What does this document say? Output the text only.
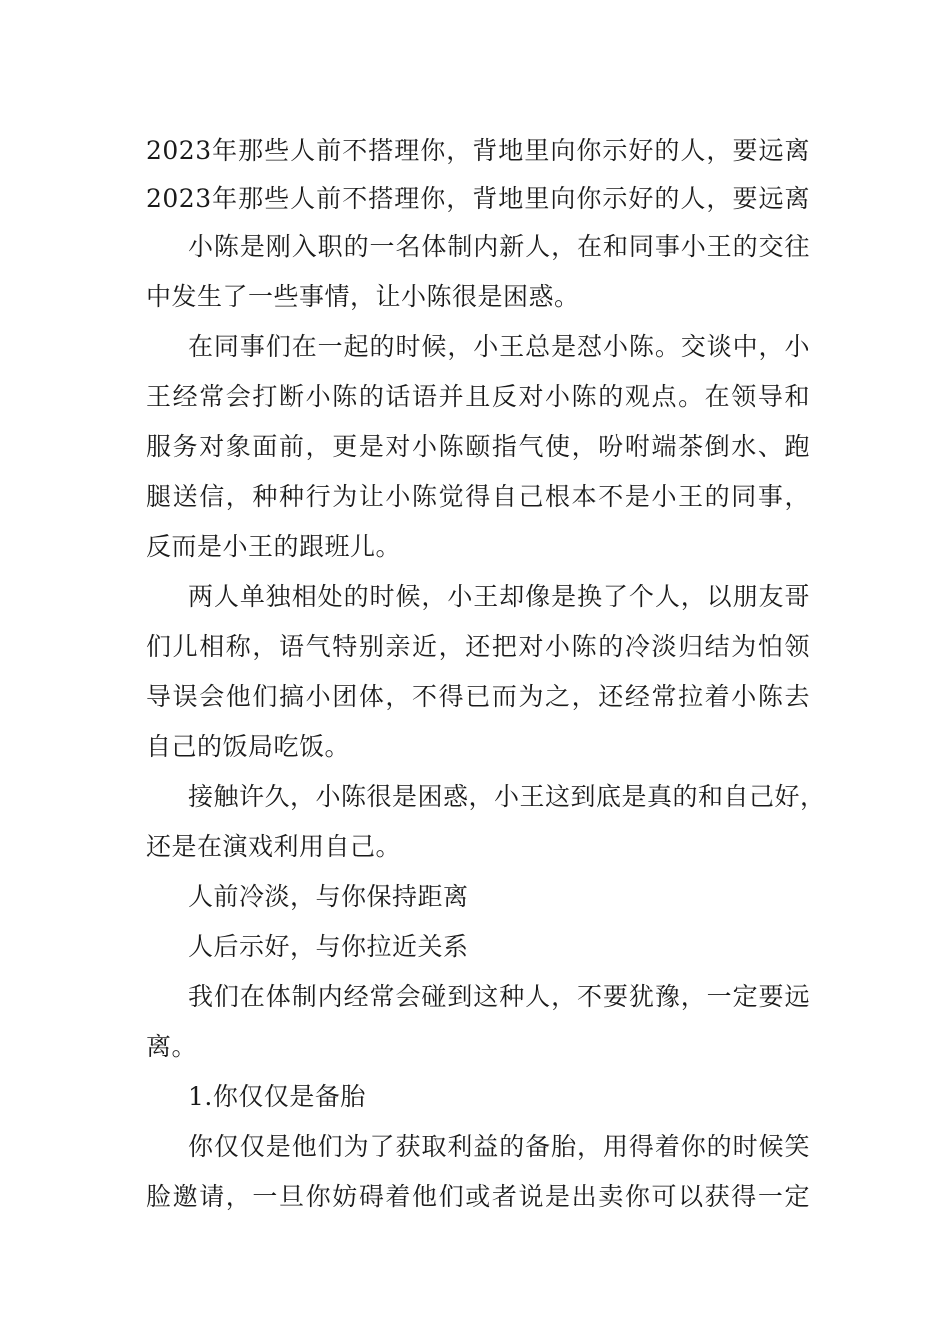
2023年那些人前不搭理你，背地里向你示好的人，要远离
2023年那些人前不搭理你，背地里向你示好的人，要远离
小陈是刚入职的一名体制内新人，在和同事小王的交往
中发生了一些事情，让小陈很是困惑。
在同事们在一起的时候，小王总是怼小陈。交谈中，小
王经常会打断小陈的话语并且反对小陈的观点。在领导和
服务对象面前，更是对小陈颐指气使，吩咐端茶倒水、跑
腿送信，种种行为让小陈觉得自己根本不是小王的同事，
反而是小王的跟班儿。
两人单独相处的时候，小王却像是换了个人，以朋友哥
们儿相称，语气特别亲近，还把对小陈的冷淡归结为怕领
导误会他们搞小团体，不得已而为之，还经常拉着小陈去
自己的饭局吃饭。
接触许久，小陈很是困惑，小王这到底是真的和自己好，
还是在演戏利用自己。
人前冷淡，与你保持距离
人后示好，与你拉近关系
我们在体制内经常会碰到这种人，不要犹豫，一定要远
离。
1.你仅仅是备胎
你仅仅是他们为了获取利益的备胎，用得着你的时候笑
脸邀请，一旦你妨碍着他们或者说是出卖你可以获得一定
